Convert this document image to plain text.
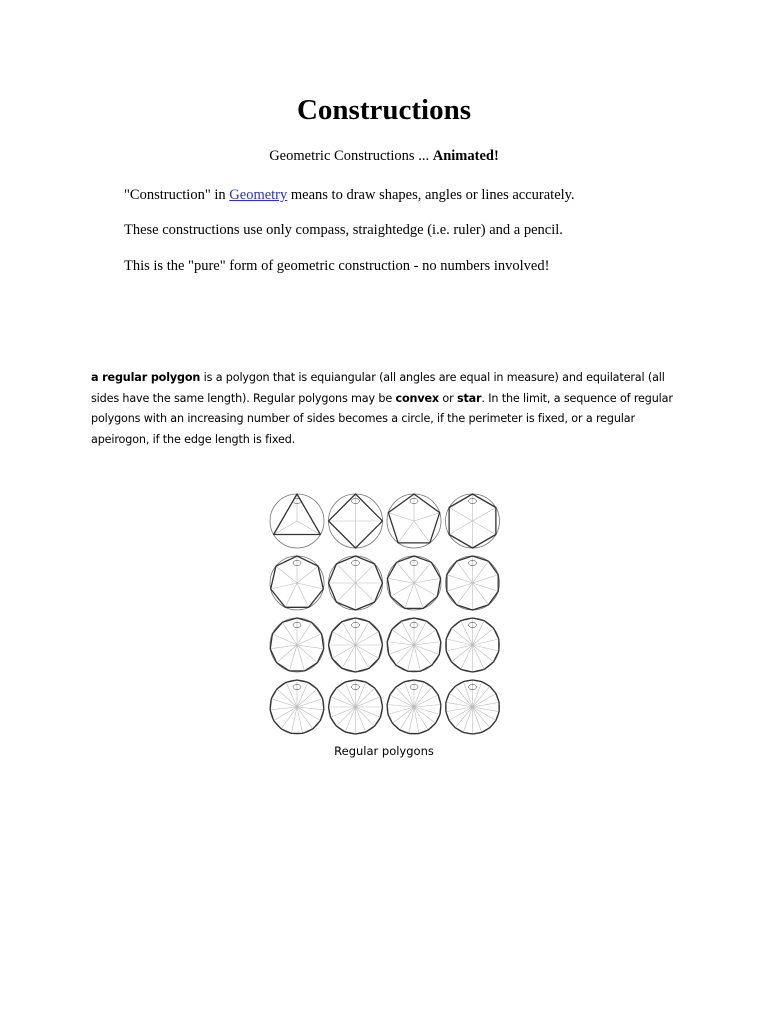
Constructions
Geometric Constructions ... Animated!
"Construction" in Geometry means to draw shapes, angles or lines accurately.
These constructions use only compass, straightedge (i.e. ruler) and a pencil.
This is the "pure" form of geometric construction - no numbers involved!
a regular polygon is a polygon that is equiangular (all angles are equal in measure) and equilateral (all sides have the same length). Regular polygons may be convex or star. In the limit, a sequence of regular polygons with an increasing number of sides becomes a circle, if the perimeter is fixed, or a regular apeirogon, if the edge length is fixed.
Regular polygons
